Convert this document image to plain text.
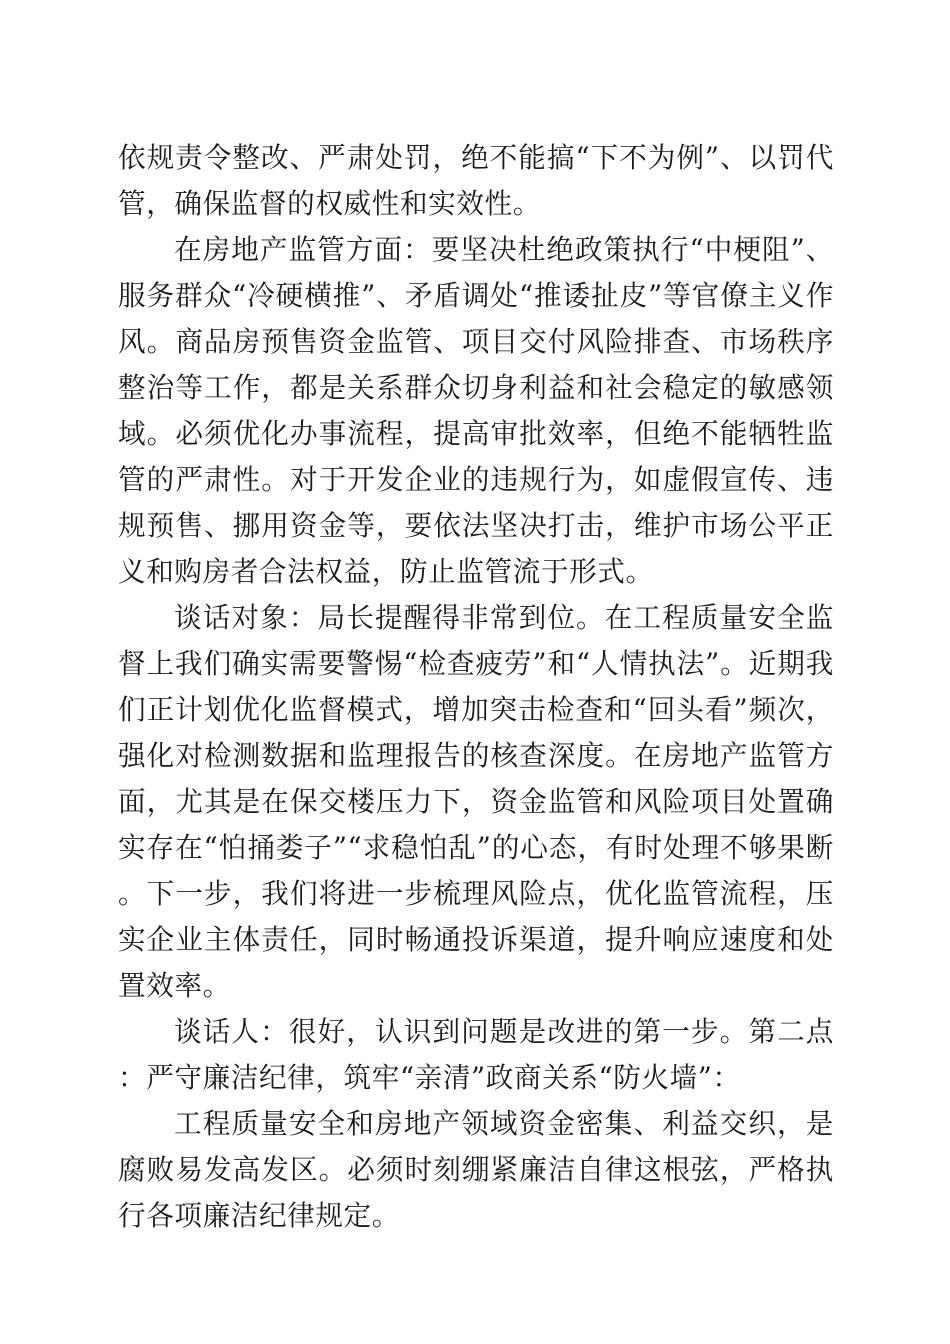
依规责令整改、严肃处罚，绝不能搞“下不为例”、以罚代管，确保监督的权威性和实效性。

在房地产监管方面：要坚决杜绝政策执行“中梗阻”、服务群众“冷硬横推”、矛盾调处“推诿扯皮”等官僚主义作风。商品房预售资金监管、项目交付风险排查、市场秩序整治等工作，都是关系群众切身利益和社会稳定的敏感领域。必须优化办事流程，提高审批效率，但绝不能牺牲监管的严肃性。对于开发企业的违规行为，如虚假宣传、违规预售、挪用资金等，要依法坚决打击，维护市场公平正义和购房者合法权益，防止监管流于形式。

谈话对象：局长提醒得非常到位。在工程质量安全监督上我们确实需要警惕“检查疲劳”和“人情执法”。近期我们正计划优化监督模式，增加突击检查和“回头看”频次，强化对检测数据和监理报告的核查深度。在房地产监管方面，尤其是在保交楼压力下，资金监管和风险项目处置确实存在“怕捅娄子”“求稳怕乱”的心态，有时处理不够果断。下一步，我们将进一步梳理风险点，优化监管流程，压实企业主体责任，同时畅通投诉渠道，提升响应速度和处置效率。

谈话人：很好，认识到问题是改进的第一步。第二点：严守廉洁纪律，筑牢“亲清”政商关系“防火墙”：

工程质量安全和房地产领域资金密集、利益交织，是腐败易发高发区。必须时刻绷紧廉洁自律这根弦，严格执行各项廉洁纪律规定。
